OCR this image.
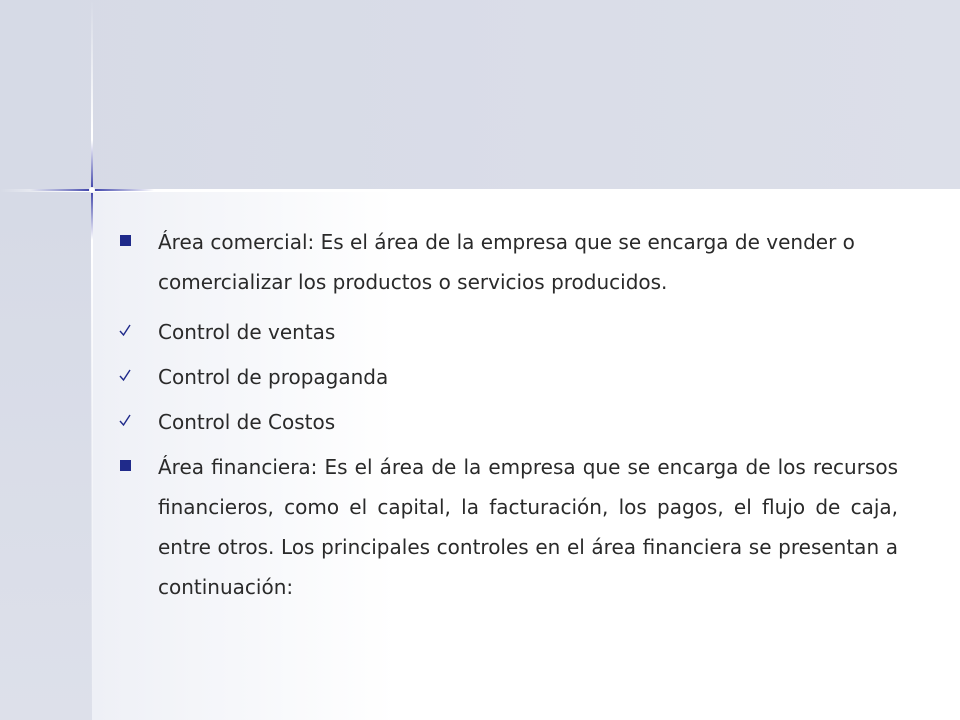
Área comercial: Es el área de la empresa que se encarga de vender o comercializar los productos o servicios producidos.
Control de ventas
Control de propaganda
Control de Costos
Área financiera: Es el área de la empresa que se encarga de los recursos financieros, como el capital, la facturación, los pagos, el flujo de caja, entre otros. Los principales controles en el área financiera se presentan a continuación:
